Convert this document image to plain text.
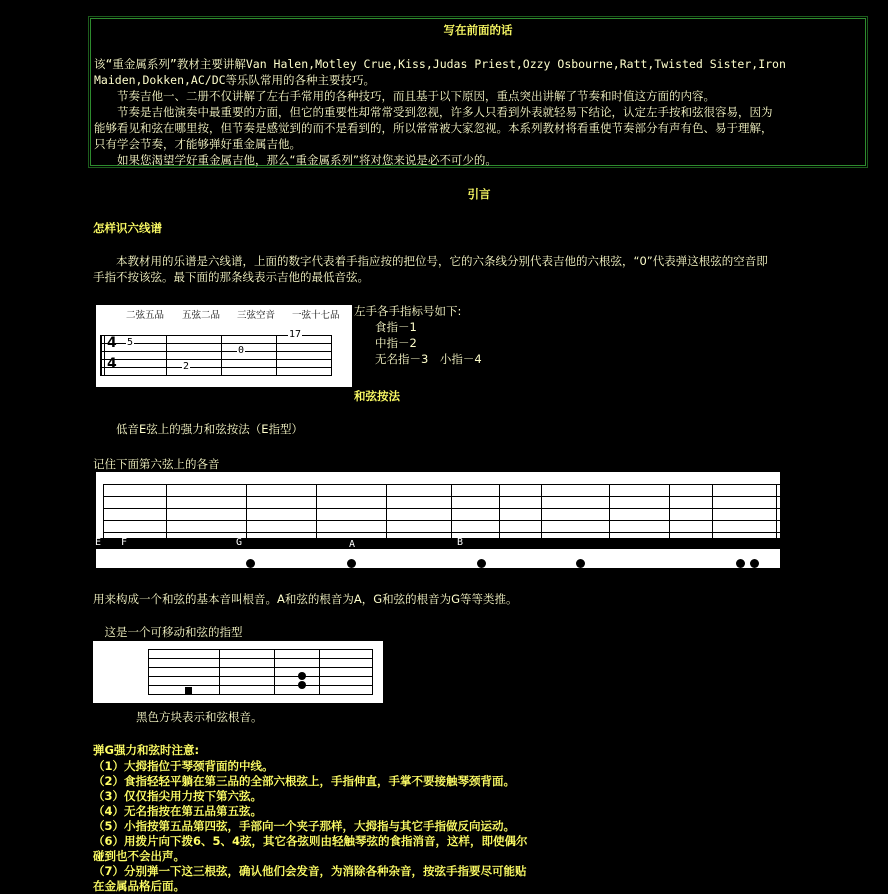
写在前面的话
该“重金属系列”教材主要讲解Van Halen,Motley Crue,Kiss,Judas Priest,Ozzy Osbourne,Ratt,Twisted Sister,Iron
Maiden,Dokken,AC/DC等乐队常用的各种主要技巧。
　　节奏吉他一、二册不仅讲解了左右手常用的各种技巧，而且基于以下原因，重点突出讲解了节奏和时值这方面的内容。
　　节奏是吉他演奏中最重要的方面，但它的重要性却常常受到忽视，许多人只看到外表就轻易下结论，认定左手按和弦很容易，因为
能够看见和弦在哪里按，但节奏是感觉到的而不是看到的，所以常常被大家忽视。本系列教材将看重使节奏部分有声有色、易于理解，
只有学会节奏，才能够弹好重金属吉他。
　　如果您渴望学好重金属吉他，那么“重金属系列”将对您来说是必不可少的。
引言
怎样识六线谱
　　本教材用的乐谱是六线谱，上面的数字代表着手指应按的把位号，它的六条线分别代表吉他的六根弦，“0”代表弹这根弦的空音即
手指不按该弦。最下面的那条线表示吉他的最低音弦。
二弦五品 五弦二品 三弦空音 一弦十七品
4
4
5
2
0
17
左手各手指标号如下:
食指－1
中指－2
无名指－3　小指－4
和弦按法
　　低音E弦上的强力和弦按法（E指型）
记住下面第六弦上的各音
E F	G	A	B
用来构成一个和弦的基本音叫根音。A和弦的根音为A，G和弦的根音为G等等类推。
　这是一个可移动和弦的指型
黑色方块表示和弦根音。
弹G强力和弦时注意:
（1）大拇指位于琴颈背面的中线。
（2）食指轻轻平躺在第三品的全部六根弦上，手指伸直，手掌不要接触琴颈背面。
（3）仅仅指尖用力按下第六弦。
（4）无名指按在第五品第五弦。
（5）小指按第五品第四弦，手部向一个夹子那样，大拇指与其它手指做反向运动。
（6）用拨片向下拨6、5、4弦，其它各弦则由轻触琴弦的食指消音，这样，即使偶尔
碰到也不会出声。
（7）分别弹一下这三根弦，确认他们会发音，为消除各种杂音，按弦手指要尽可能贴
在金属品格后面。
